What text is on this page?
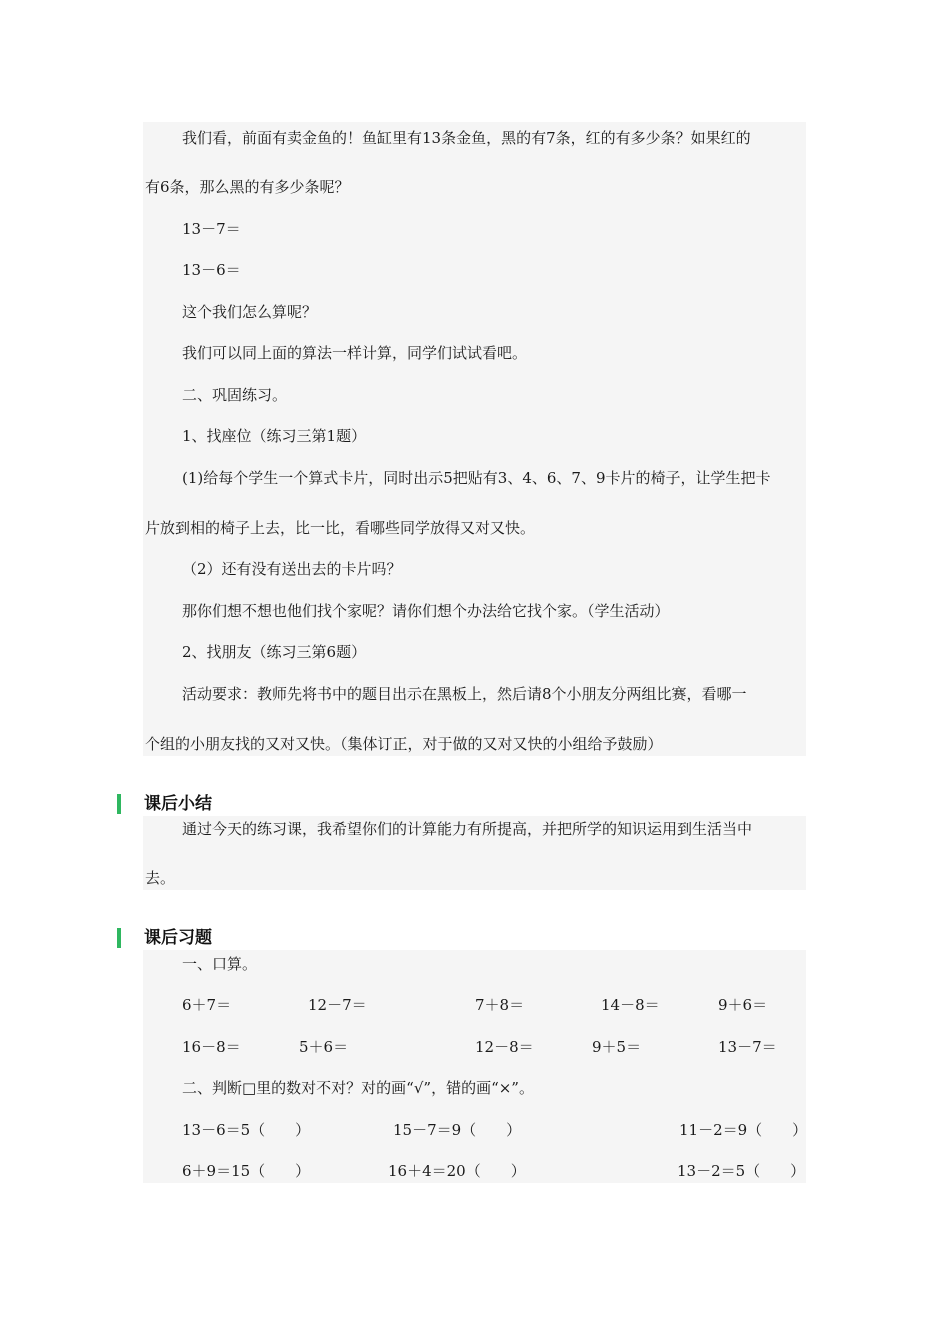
我们看，前面有卖金鱼的！鱼缸里有13条金鱼，黑的有7条，红的有多少条？如果红的
有6条，那么黑的有多少条呢？
13－7＝
13－6＝
这个我们怎么算呢？
我们可以同上面的算法一样计算，同学们试试看吧。
二、巩固练习。
1、找座位（练习三第1题）
(1)给每个学生一个算式卡片，同时出示5把贴有3、4、6、7、9卡片的椅子，让学生把卡
片放到相的椅子上去，比一比，看哪些同学放得又对又快。
（2）还有没有送出去的卡片吗？
那你们想不想也他们找个家呢？请你们想个办法给它找个家。（学生活动）
2、找朋友（练习三第6题）
活动要求：教师先将书中的题目出示在黑板上，然后请8个小朋友分两组比赛，看哪一
个组的小朋友找的又对又快。（集体订正，对于做的又对又快的小组给予鼓励）
课后小结
通过今天的练习课，我希望你们的计算能力有所提高，并把所学的知识运用到生活当中
去。
课后习题
一、口算。
6＋7＝	12－7＝	7＋8＝	14－8＝	9＋6＝
16－8＝	5＋6＝	12－8＝	9＋5＝	13－7＝
二、判断□里的数对不对？对的画“√”，错的画“×”。
13－6＝5（　　）	15－7＝9（　　）	11－2＝9（　　）
6＋9＝15（　　）	16＋4＝20（　　）	13－2＝5（　　）
